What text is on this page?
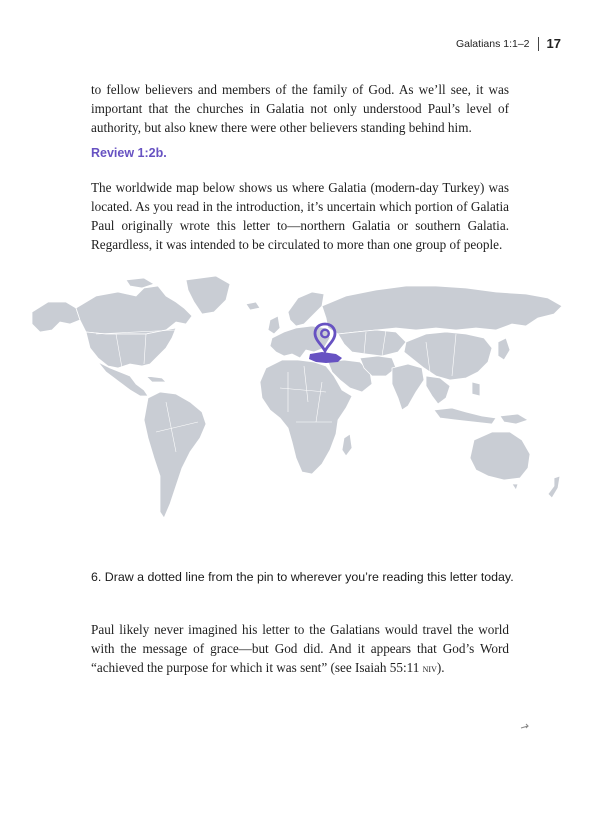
Galatians 1:1–2 17

to fellow believers and members of the family of God. As we’ll see, it was important that the churches in Galatia not only understood Paul’s level of authority, but also knew there were other believers standing behind him.

Review 1:2b.

The worldwide map below shows us where Galatia (modern-day Turkey) was located. As you read in the introduction, it’s uncertain which portion of Galatia Paul originally wrote this letter to—northern Galatia or southern Galatia. Regardless, it was intended to be circulated to more than one group of people.

6. Draw a dotted line from the pin to wherever you’re reading this letter today.

Paul likely never imagined his letter to the Galatians would travel the world with the message of grace—but God did. And it appears that God’s Word “achieved the purpose for which it was sent” (see Isaiah 55:11 niv).
